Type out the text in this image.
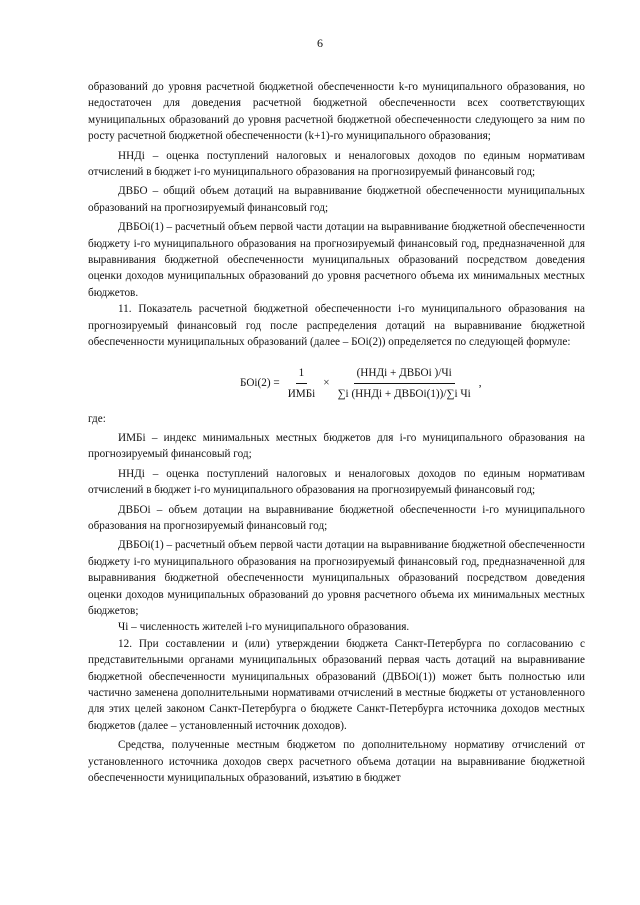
6

образований до уровня расчетной бюджетной обеспеченности k-го муниципального образования, но недостаточен для доведения расчетной бюджетной обеспеченности всех соответствующих муниципальных образований до уровня расчетной бюджетной обеспеченности следующего за ним по росту расчетной бюджетной обеспеченности (k+1)-го муниципального образования;

ННДi – оценка поступлений налоговых и неналоговых доходов по единым нормативам отчислений в бюджет i-го муниципального образования на прогнозируемый финансовый год;

ДВБО – общий объем дотаций на выравнивание бюджетной обеспеченности муниципальных образований на прогнозируемый финансовый год;

ДВБОi(1) – расчетный объем первой части дотации на выравнивание бюджетной обеспеченности бюджету i-го муниципального образования на прогнозируемый финансовый год, предназначенной для выравнивания бюджетной обеспеченности муниципальных образований посредством доведения оценки доходов муниципальных образований до уровня расчетного объема их минимальных местных бюджетов.

11. Показатель расчетной бюджетной обеспеченности i-го муниципального образования на прогнозируемый финансовый год после распределения дотаций на выравнивание бюджетной обеспеченности муниципальных образований (далее – БОi(2)) определяется по следующей формуле:

$БОi(2) = \frac{1}{\text{ИМБi}} \times \frac{\text{(ННДi + ДВБОi )/Чi}}{\text{∑i (ННДi + ДВБОi(1))/∑i Чi}}$ ,

где:

ИМБi – индекс минимальных местных бюджетов для i-го муниципального образования на прогнозируемый финансовый год;

ННДi – оценка поступлений налоговых и неналоговых доходов по единым нормативам отчислений в бюджет i-го муниципального образования на прогнозируемый финансовый год;

ДВБОi – объем дотации на выравнивание бюджетной обеспеченности i-го муниципального образования на прогнозируемый финансовый год;

ДВБОi(1) – расчетный объем первой части дотации на выравнивание бюджетной обеспеченности бюджету i-го муниципального образования на прогнозируемый финансовый год, предназначенной для выравнивания бюджетной обеспеченности муниципальных образований посредством доведения оценки доходов муниципальных образований до уровня расчетного объема их минимальных местных бюджетов;

Чi – численность жителей i-го муниципального образования.

12. При составлении и (или) утверждении бюджета Санкт-Петербурга по согласованию с представительными органами муниципальных образований первая часть дотаций на выравнивание бюджетной обеспеченности муниципальных образований (ДВБОi(1)) может быть полностью или частично заменена дополнительными нормативами отчислений в местные бюджеты от установленного для этих целей законом Санкт-Петербурга о бюджете Санкт-Петербурга источника доходов местных бюджетов (далее – установленный источник доходов).

Средства, полученные местным бюджетом по дополнительному нормативу отчислений от установленного источника доходов сверх расчетного объема дотации на выравнивание бюджетной обеспеченности муниципальных образований, изъятию в бюджет
